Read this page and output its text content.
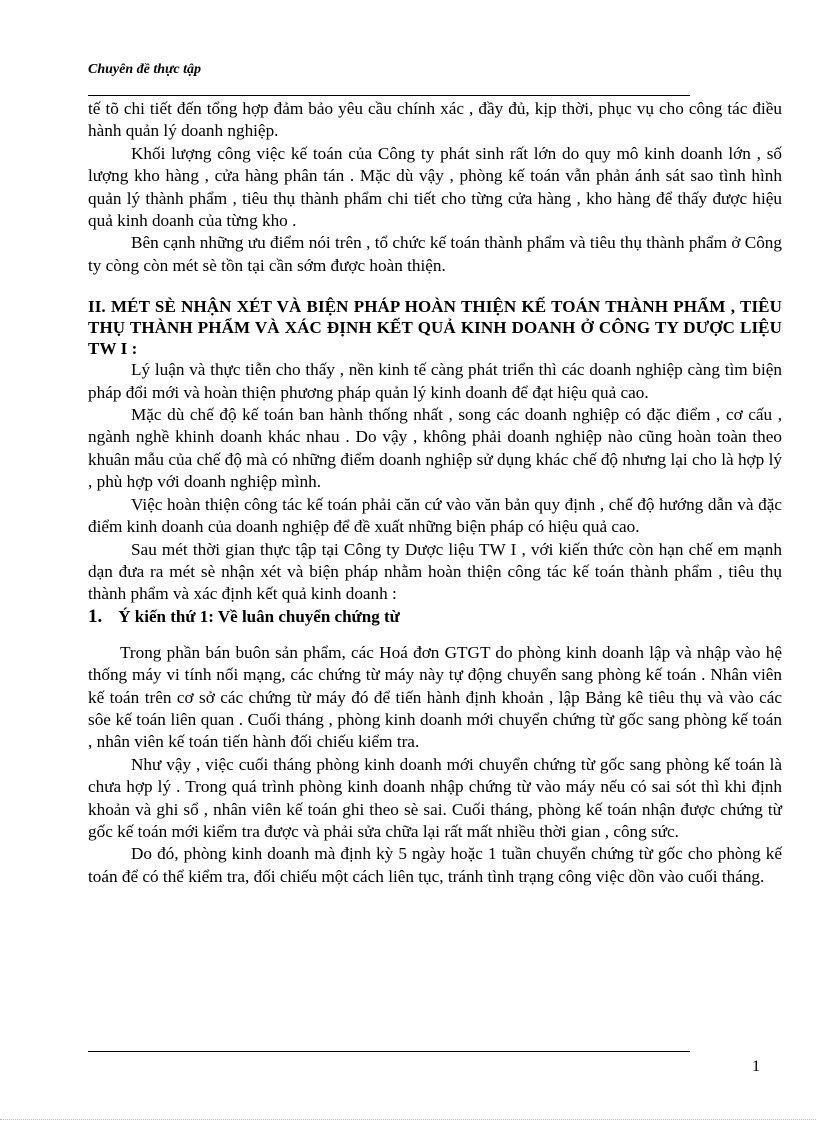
Chuyên đề thực tập

tế tõ chi tiết đến tổng hợp đảm bảo yêu cầu chính xác , đầy đủ, kịp thời, phục vụ cho công tác điều hành quản lý doanh nghiệp.

Khối lượng công việc kế toán của Công ty phát sinh rất lớn do quy mô kinh doanh lớn , số lượng kho hàng , cửa hàng phân tán . Mặc dù vậy , phòng kế toán vẫn phản ánh sát sao tình hình quản lý thành phẩm , tiêu thụ thành phẩm chi tiết cho từng cửa hàng , kho hàng để thấy được hiệu quả kinh doanh của từng kho .

Bên cạnh những ưu điểm nói trên , tổ chức kế toán thành phẩm và tiêu thụ thành phẩm ở Công ty còng còn mét sè tồn tại cần sớm được hoàn thiện.

II. MÉT SÈ NHẬN XÉT VÀ BIỆN PHÁP HOÀN THIỆN KẾ TOÁN THÀNH PHẨM , TIÊU THỤ THÀNH PHẨM VÀ XÁC ĐỊNH KẾT QUẢ KINH DOANH Ở CÔNG TY DƯỢC LIỆU TW I :

Lý luận và thực tiễn cho thấy , nền kinh tế càng phát triển thì các doanh nghiệp càng tìm biện pháp đổi mới và hoàn thiện phương pháp quản lý kinh doanh để đạt hiệu quả cao.

Mặc dù chế độ kế toán ban hành thống nhất , song các doanh nghiệp có đặc điểm , cơ cấu , ngành nghề khinh doanh khác nhau . Do vậy , không phải doanh nghiệp nào cũng hoàn toàn theo khuân mẫu của chế độ mà có những điểm doanh nghiệp sử dụng khác chế độ nhưng lại cho là hợp lý , phù hợp với doanh nghiệp mình.

Việc hoàn thiện công tác kế toán phải căn cứ vào văn bản quy định , chế độ hướng dẫn và đặc điểm kinh doanh của doanh nghiệp để đề xuất những biện pháp có hiệu quả cao.

Sau mét thời gian thực tập tại Công ty Dược liệu TW I , với kiến thức còn hạn chế em mạnh dạn đưa ra mét sè nhận xét và biện pháp nhằm hoàn thiện công tác kế toán thành phẩm , tiêu thụ thành phẩm và xác định kết quả kinh doanh :

1. Ý kiến thứ 1: Về luân chuyển chứng từ

Trong phần bán buôn sản phẩm, các Hoá đơn GTGT do phòng kinh doanh lập và nhập vào hệ thống máy vi tính nối mạng, các chứng từ máy này tự động chuyển sang phòng kế toán . Nhân viên kế toán trên cơ sở các chứng từ máy đó để tiến hành định khoản , lập Bảng kê tiêu thụ và vào các sôe kế toán liên quan . Cuối tháng , phòng kinh doanh mới chuyển chứng từ gốc sang phòng kế toán , nhân viên kế toán tiến hành đối chiếu kiểm tra.

Như vậy , việc cuối tháng phòng kinh doanh mới chuyển chứng từ gốc sang phòng kế toán là chưa hợp lý . Trong quá trình phòng kinh doanh nhập chứng từ vào máy nếu có sai sót thì khi định khoản và ghi sổ , nhân viên kế toán ghi theo sè sai. Cuối tháng, phòng kế toán nhận được chứng từ gốc kế toán mới kiểm tra được và phải sửa chữa lại rất mất nhiều thời gian , công sức.

Do đó, phòng kinh doanh mà định kỳ 5 ngày hoặc 1 tuần chuyển chứng từ gốc cho phòng kế toán để có thể kiểm tra, đối chiếu một cách liên tục, tránh tình trạng công việc dồn vào cuối tháng.

1
